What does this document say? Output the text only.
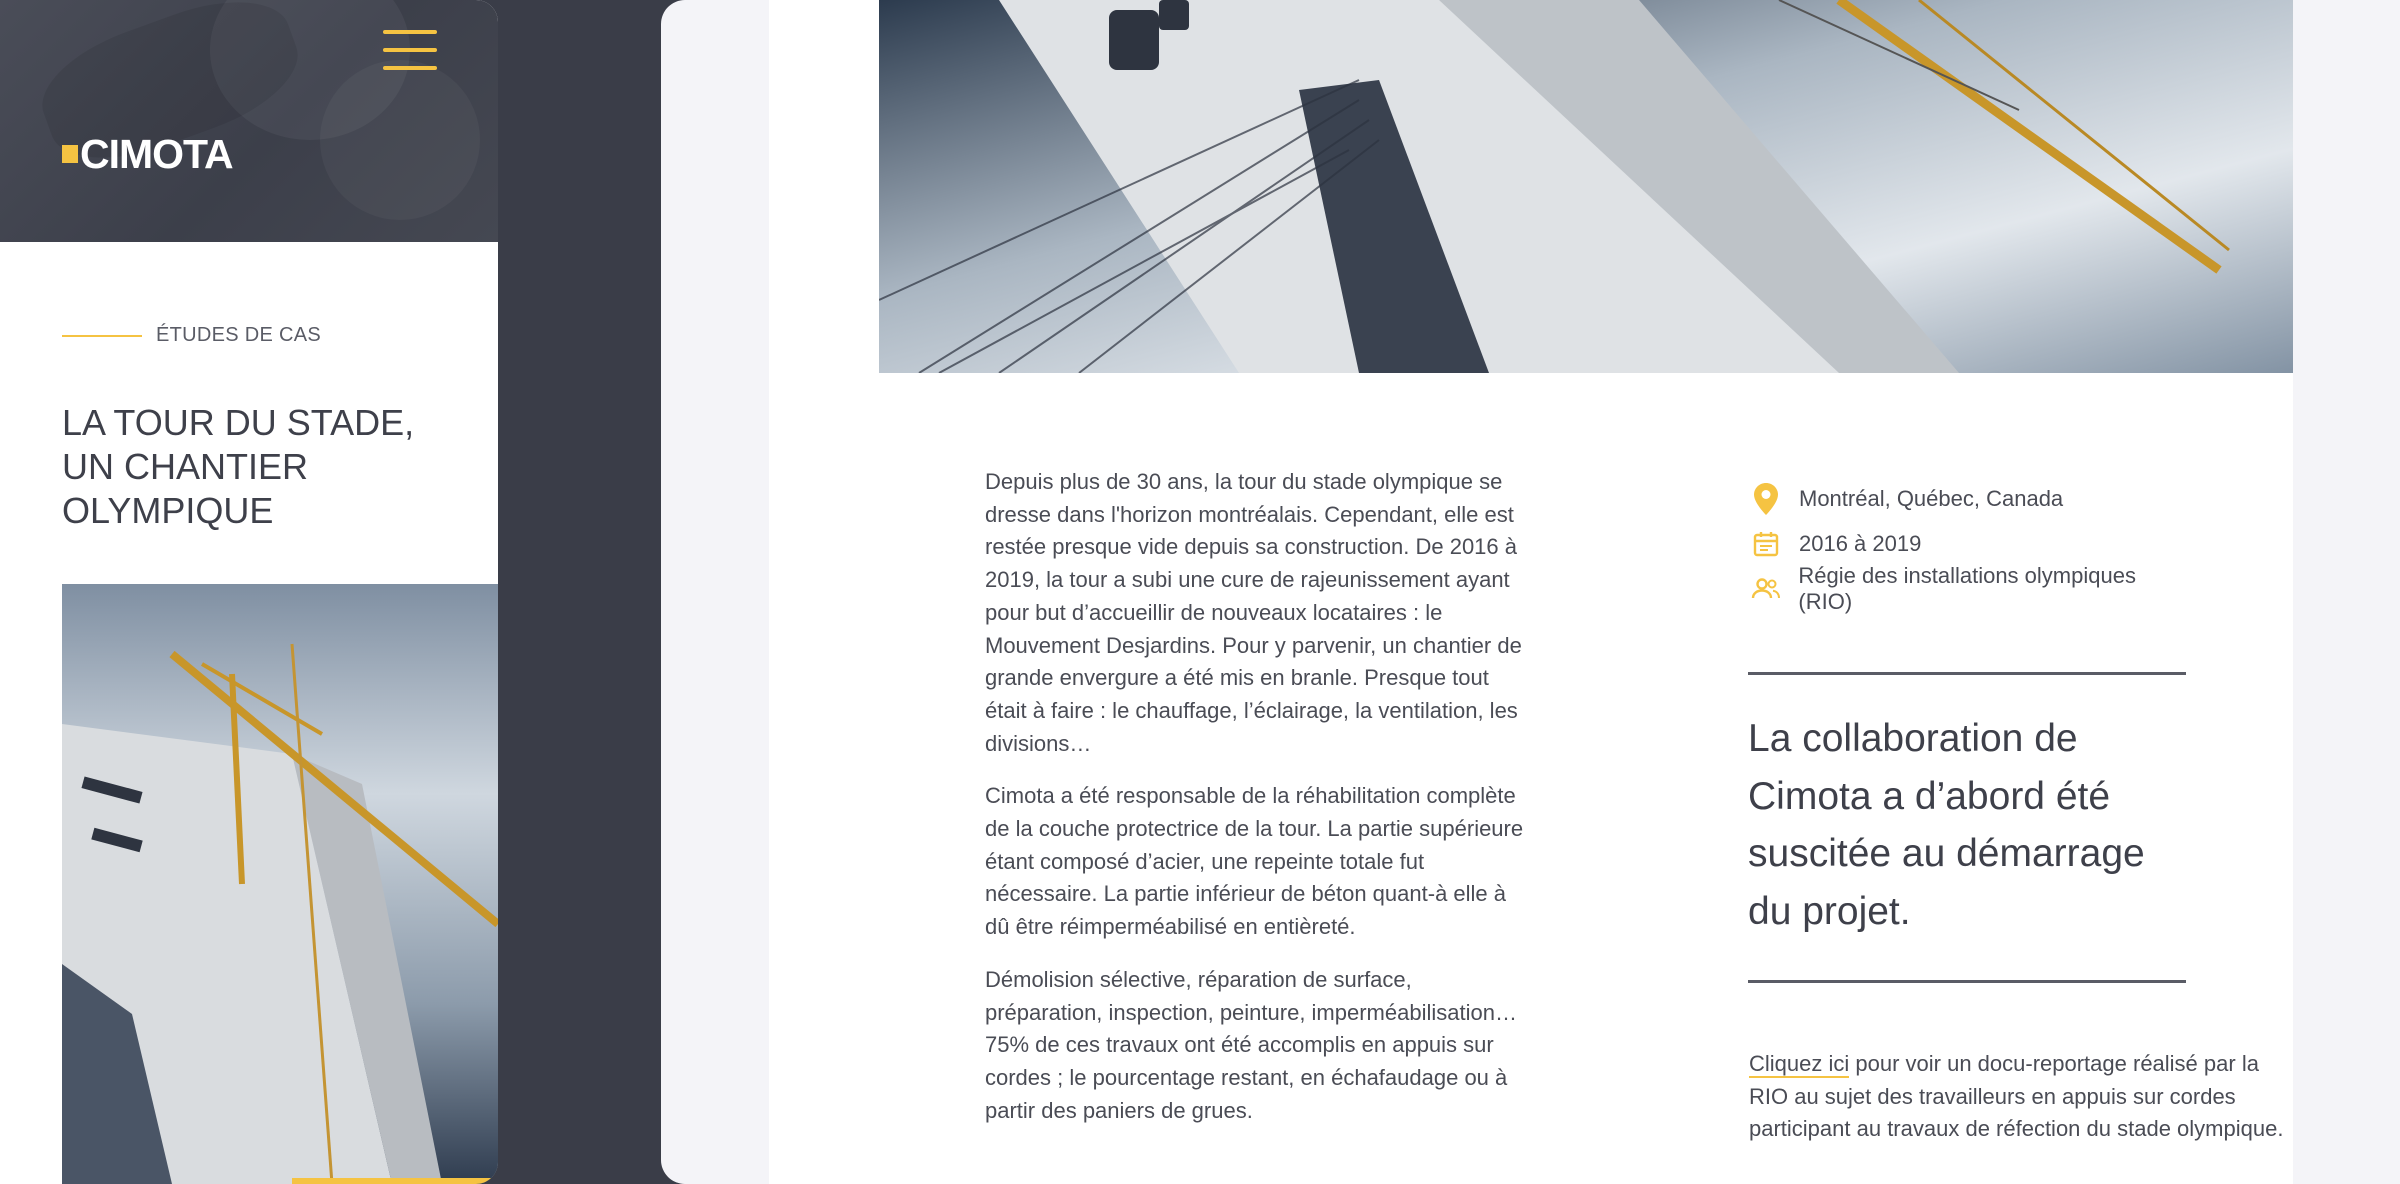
CIMOTA
ÉTUDES DE CAS
LA TOUR DU STADE, UN CHANTIER OLYMPIQUE

Depuis plus de 30 ans, la tour du stade olympique se dresse dans l'horizon montréalais. Cependant, elle est restée presque vide depuis sa construction. De 2016 à 2019, la tour a subi une cure de rajeunissement ayant pour but d’accueillir de nouveaux locataires : le Mouvement Desjardins. Pour y parvenir, un chantier de grande envergure a été mis en branle. Presque tout était à faire : le chauffage, l’éclairage, la ventilation, les divisions…

Cimota a été responsable de la réhabilitation complète de la couche protectrice de la tour. La partie supérieure étant composé d’acier, une repeinte totale fut nécessaire. La partie inférieur de béton quant-à elle à dû être réimperméabilisé en entièreté.

Démolision sélective, réparation de surface, préparation, inspection, peinture, imperméabilisation… 75% de ces travaux ont été accomplis en appuis sur cordes ; le pourcentage restant, en échafaudage ou à partir des paniers de grues.

Montréal, Québec, Canada
2016 à 2019
Régie des installations olympiques (RIO)
La collaboration de Cimota a d’abord été suscitée au démarrage du projet.

Cliquez ici pour voir un docu-reportage réalisé par la RIO au sujet des travailleurs en appuis sur cordes participant au travaux de réfection du stade olympique.
